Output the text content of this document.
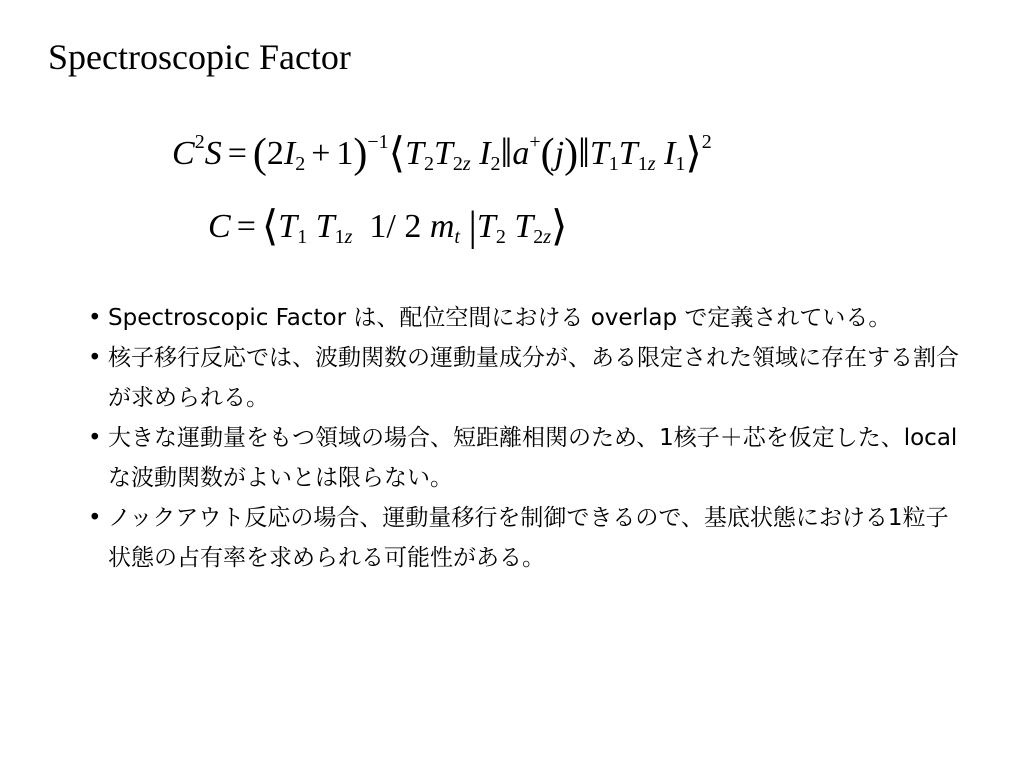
Spectroscopic Factor
$C^2S = (2I_2$ + $1)^{-1}⟨T_2T_{2z}$ $I_2‖a^+(j)‖T_1T_{1z}$ $I_1⟩^2$
$C = ⟨T_1$ $T_{1z}$  1/ 2 $m_t$ $|T_2$ $T_{2z}⟩$
• Spectroscopic Factor は、配位空間における overlap で定義されている。
• 核子移行反応では、波動関数の運動量成分が、ある限定された領域に存在する割合が求められる。
• 大きな運動量をもつ領域の場合、短距離相関のため、1核子＋芯を仮定した、local な波動関数がよいとは限らない。
• ノックアウト反応の場合、運動量移行を制御できるので、基底状態における1粒子状態の占有率を求められる可能性がある。
